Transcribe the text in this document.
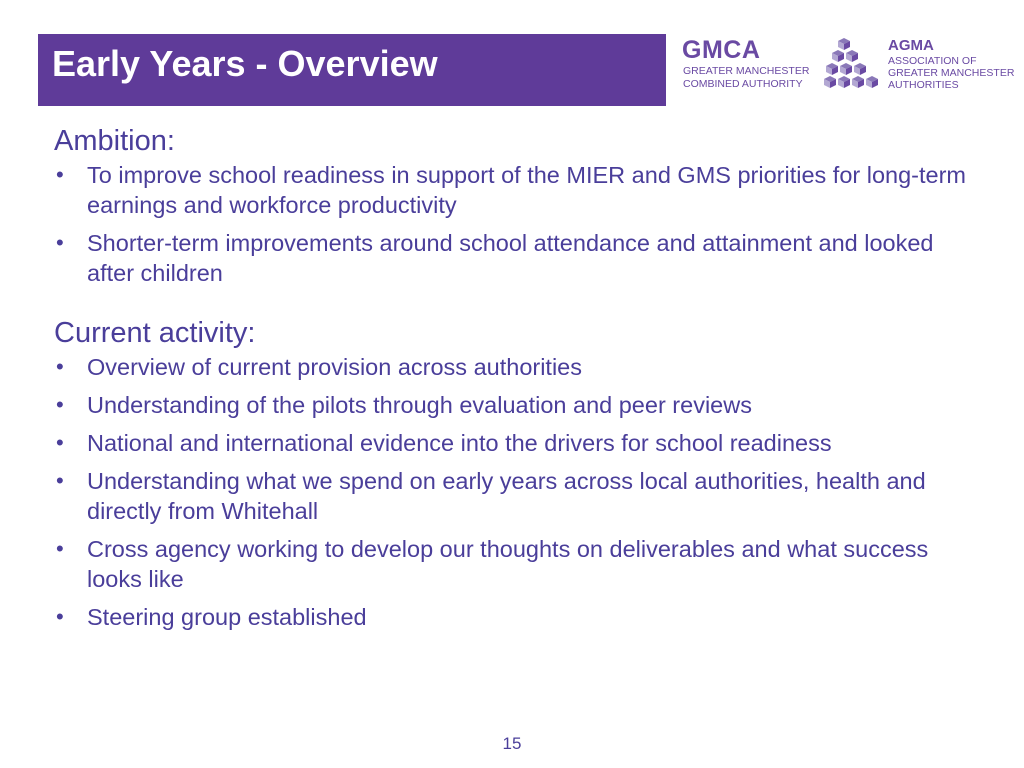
Early Years - Overview	GMCA
GREATER MANCHESTER
COMBINED AUTHORITY
AGMA
ASSOCIATION OF
GREATER MANCHESTER
AUTHORITIES
Ambition:
• To improve school readiness in support of the MIER and GMS priorities for long-term earnings and workforce productivity
• Shorter-term improvements around school attendance and attainment and looked after children
Current activity:
• Overview of current provision across authorities
• Understanding of the pilots through evaluation and peer reviews
• National and international evidence into the drivers for school readiness
• Understanding what we spend on early years across local authorities, health and directly from Whitehall
• Cross agency working to develop our thoughts on deliverables and what success looks like
• Steering group established
15
